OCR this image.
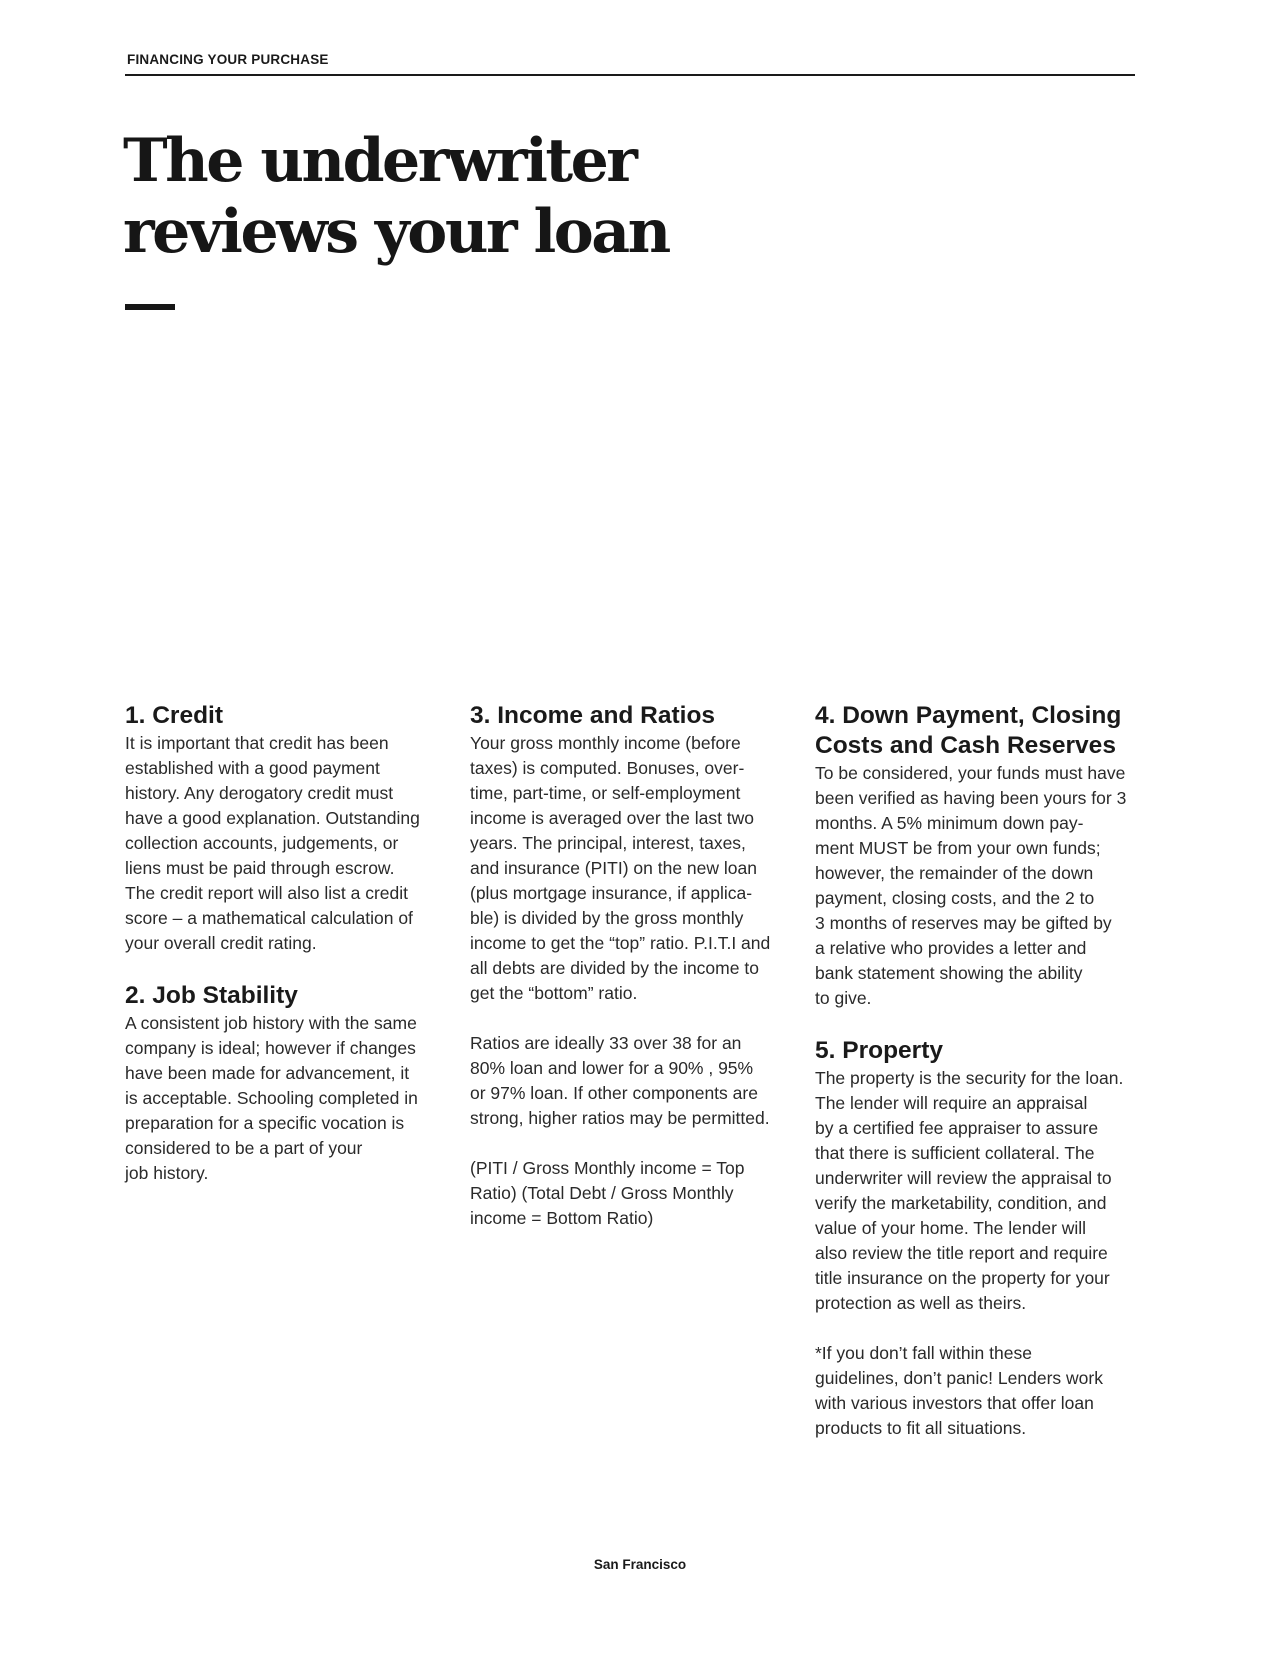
FINANCING YOUR PURCHASE
The underwriter
reviews your loan
1. Credit

It is important that credit has been
established with a good payment
history. Any derogatory credit must
have a good explanation. Outstanding
collection accounts, judgements, or
liens must be paid through escrow.
The credit report will also list a credit
score – a mathematical calculation of
your overall credit rating.

2. Job Stability

A consistent job history with the same
company is ideal; however if changes
have been made for advancement, it
is acceptable. Schooling completed in
preparation for a specific vocation is
considered to be a part of your
job history.

3. Income and Ratios

Your gross monthly income (before
taxes) is computed. Bonuses, over-
time, part-time, or self-employment
income is averaged over the last two
years. The principal, interest, taxes,
and insurance (PITI) on the new loan
(plus mortgage insurance, if applica-
ble) is divided by the gross monthly
income to get the “top” ratio. P.I.T.I and
all debts are divided by the income to
get the “bottom” ratio.

Ratios are ideally 33 over 38 for an
80% loan and lower for a 90% , 95%
or 97% loan. If other components are
strong, higher ratios may be permitted.

(PITI / Gross Monthly income = Top
Ratio) (Total Debt / Gross Monthly
income = Bottom Ratio)

4. Down Payment, Closing
Costs and Cash Reserves

To be considered, your funds must have
been verified as having been yours for 3
months. A 5% minimum down pay-
ment MUST be from your own funds;
however, the remainder of the down
payment, closing costs, and the 2 to
3 months of reserves may be gifted by
a relative who provides a letter and
bank statement showing the ability
to give.

5. Property

The property is the security for the loan.
The lender will require an appraisal
by a certified fee appraiser to assure
that there is sufficient collateral. The
underwriter will review the appraisal to
verify the marketability, condition, and
value of your home. The lender will
also review the title report and require
title insurance on the property for your
protection as well as theirs.

*If you don’t fall within these
guidelines, don’t panic! Lenders work
with various investors that offer loan
products to fit all situations.

San Francisco
